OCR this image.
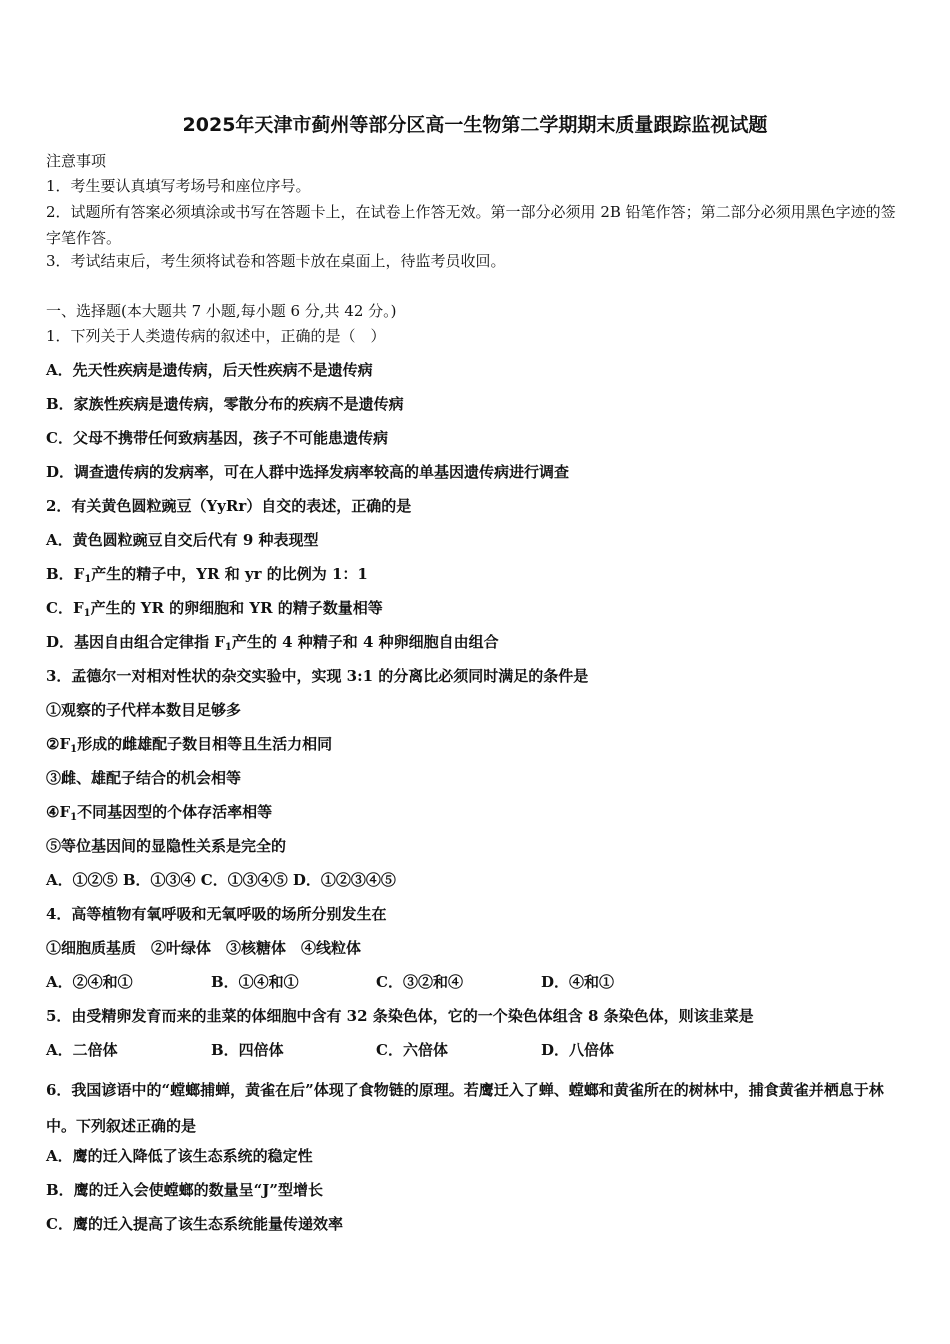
2025年天津市蓟州等部分区高一生物第二学期期末质量跟踪监视试题
注意事项
1．考生要认真填写考场号和座位序号。
2．试题所有答案必须填涂或书写在答题卡上，在试卷上作答无效。第一部分必须用 2B 铅笔作答；第二部分必须用黑色字迹的签字笔作答。
3．考试结束后，考生须将试卷和答题卡放在桌面上，待监考员收回。
一、选择题(本大题共 7 小题,每小题 6 分,共 42 分。)
1．下列关于人类遗传病的叙述中，正确的是（　）
A．先天性疾病是遗传病，后天性疾病不是遗传病
B．家族性疾病是遗传病，零散分布的疾病不是遗传病
C．父母不携带任何致病基因，孩子不可能患遗传病
D．调查遗传病的发病率，可在人群中选择发病率较高的单基因遗传病进行调查
2．有关黄色圆粒豌豆（YyRr）自交的表述，正确的是
A．黄色圆粒豌豆自交后代有 9 种表现型
B．$F_1$产生的精子中，YR 和 yr 的比例为 1：1
C．$F_1$产生的 YR 的卵细胞和 YR 的精子数量相等
D．基因自由组合定律指 $F_1$产生的 4 种精子和 4 种卵细胞自由组合
3．孟德尔一对相对性状的杂交实验中，实现 3:1 的分离比必须同时满足的条件是
①观察的子代样本数目足够多
$②F_1$形成的雌雄配子数目相等且生活力相同
③雌、雄配子结合的机会相等
$④F_1$不同基因型的个体存活率相等
⑤等位基因间的显隐性关系是完全的
A．①②⑤ B．①③④ C．①③④⑤ D．①②③④⑤
4．高等植物有氧呼吸和无氧呼吸的场所分别发生在
①细胞质基质　②叶绿体　③核糖体　④线粒体
A．②④和①	B．①④和①	C．③②和④	D．④和①
5．由受精卵发育而来的韭菜的体细胞中含有 32 条染色体，它的一个染色体组含 8 条染色体，则该韭菜是
A．二倍体	B．四倍体	C．六倍体	D．八倍体
6．我国谚语中的“螳螂捕蝉，黄雀在后”体现了食物链的原理。若鹰迁入了蝉、螳螂和黄雀所在的树林中，捕食黄雀并栖息于林中。下列叙述正确的是
A．鹰的迁入降低了该生态系统的稳定性
B．鹰的迁入会使螳螂的数量呈“J”型增长
C．鹰的迁入提高了该生态系统能量传递效率
